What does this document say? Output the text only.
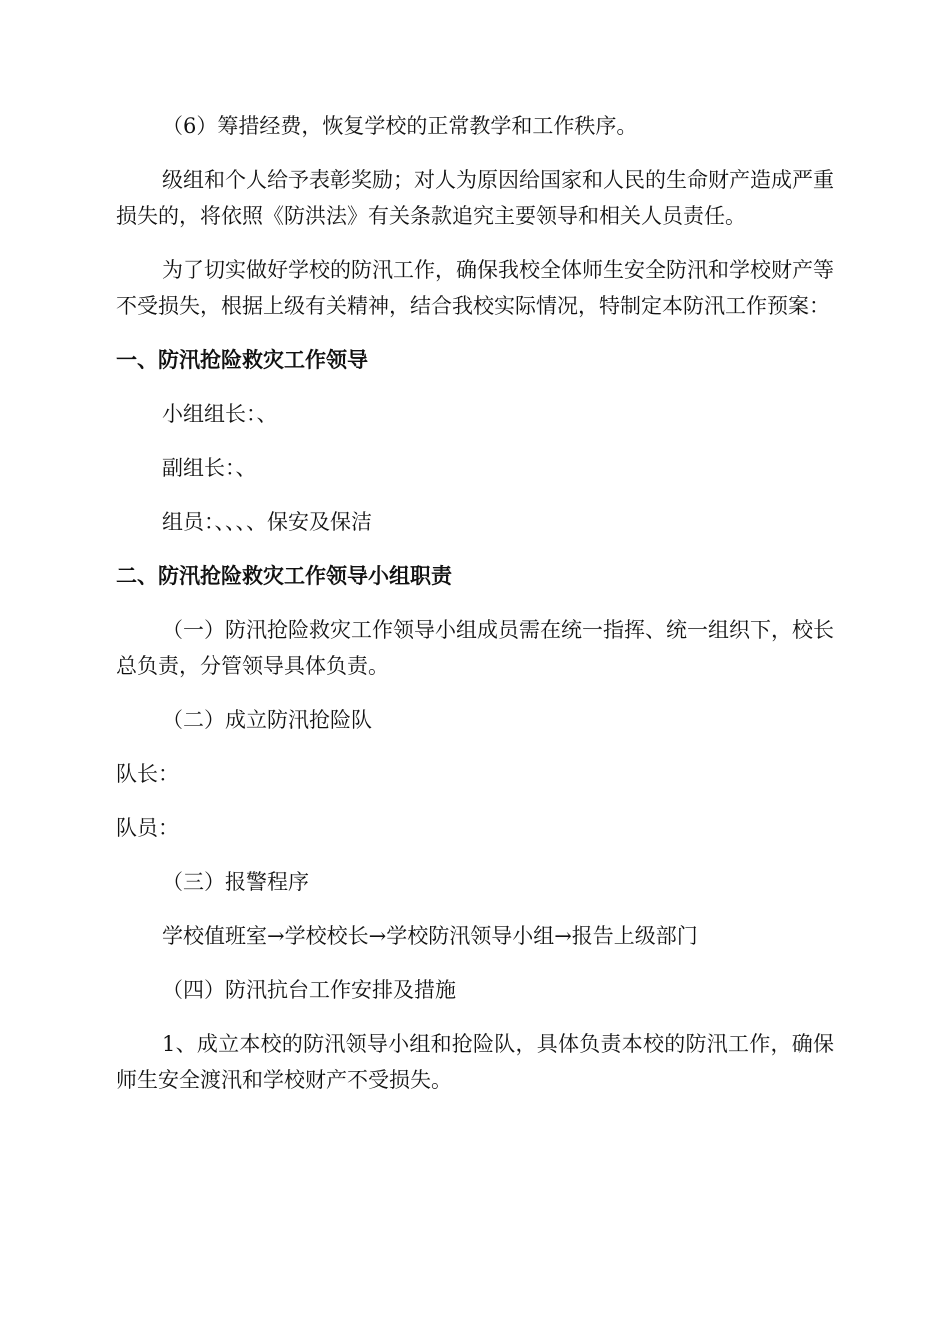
（6）筹措经费，恢复学校的正常教学和工作秩序。

级组和个人给予表彰奖励；对人为原因给国家和人民的生命财产造成严重损失的，将依照《防洪法》有关条款追究主要领导和相关人员责任。

为了切实做好学校的防汛工作，确保我校全体师生安全防汛和学校财产等不受损失，根据上级有关精神，结合我校实际情况，特制定本防汛工作预案：

一、防汛抢险救灾工作领导

小组组长：、

副组长：、

组员：、、、、保安及保洁

二、防汛抢险救灾工作领导小组职责

（一）防汛抢险救灾工作领导小组成员需在统一指挥、统一组织下，校长总负责，分管领导具体负责。

（二）成立防汛抢险队

队长：

队员：

（三）报警程序

学校值班室→学校校长→学校防汛领导小组→报告上级部门

（四）防汛抗台工作安排及措施

1、成立本校的防汛领导小组和抢险队，具体负责本校的防汛工作，确保师生安全渡汛和学校财产不受损失。
